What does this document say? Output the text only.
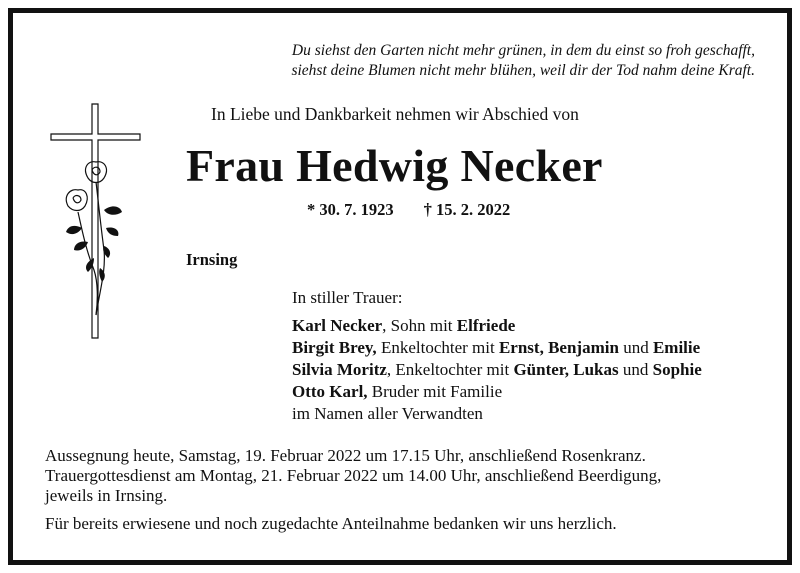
Du siehst den Garten nicht mehr grünen, in dem du einst so froh geschafft,
siehst deine Blumen nicht mehr blühen, weil dir der Tod nahm deine Kraft.
In Liebe und Dankbarkeit nehmen wir Abschied von
Frau Hedwig Necker
* 30. 7. 1923 † 15. 2. 2022
Irnsing
In stiller Trauer:
Karl Necker, Sohn mit Elfriede
Birgit Brey, Enkeltochter mit Ernst, Benjamin und Emilie
Silvia Moritz, Enkeltochter mit Günter, Lukas und Sophie
Otto Karl, Bruder mit Familie
im Namen aller Verwandten
Aussegnung heute, Samstag, 19. Februar 2022 um 17.15 Uhr, anschließend Rosenkranz.
Trauergottesdienst am Montag, 21. Februar 2022 um 14.00 Uhr, anschließend Beerdigung,
jeweils in Irnsing.
Für bereits erwiesene und noch zugedachte Anteilnahme bedanken wir uns herzlich.
